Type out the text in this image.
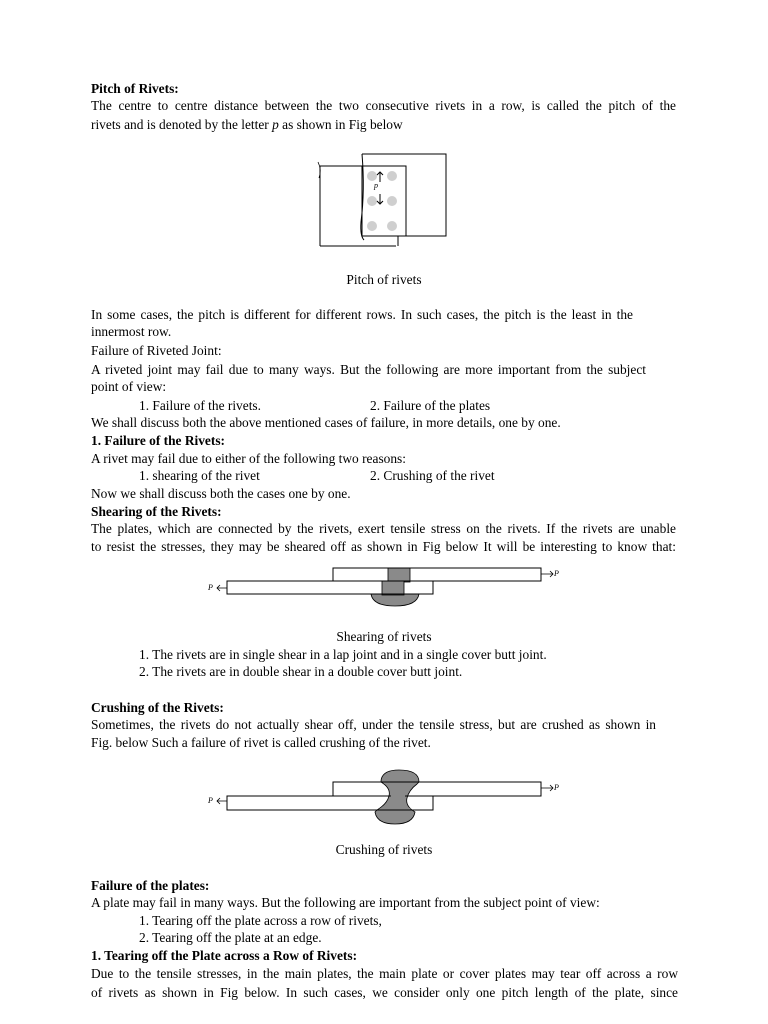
Pitch of Rivets:
The centre to centre distance between the two consecutive rivets in a row, is called the pitch of the
rivets and is denoted by the letter p as shown in Fig below
p
Pitch of rivets
In some cases, the pitch is different for different rows. In such cases, the pitch is the least in the
innermost row.
Failure of Riveted Joint:
A riveted joint may fail due to many ways. But the following are more important from the subject
point of view:
1. Failure of the rivets.	2. Failure of the plates
We shall discuss both the above mentioned cases of failure, in more details, one by one.
1. Failure of the Rivets:
A rivet may fail due to either of the following two reasons:
1. shearing of the rivet	2. Crushing of the rivet
Now we shall discuss both the cases one by one.
Shearing of the Rivets:
The plates, which are connected by the rivets, exert tensile stress on the rivets. If the rivets are unable
to resist the stresses, they may be sheared off as shown in Fig below It will be interesting to know that:
P
P
Shearing of rivets
1. The rivets are in single shear in a lap joint and in a single cover butt joint.
2. The rivets are in double shear in a double cover butt joint.
Crushing of the Rivets:
Sometimes, the rivets do not actually shear off, under the tensile stress, but are crushed as shown in
Fig. below Such a failure of rivet is called crushing of the rivet.
P
P
Crushing of rivets
Failure of the plates:
A plate may fail in many ways. But the following are important from the subject point of view:
1. Tearing off the plate across a row of rivets,
2. Tearing off the plate at an edge.
1. Tearing off the Plate across a Row of Rivets:
Due to the tensile stresses, in the main plates, the main plate or cover plates may tear off across a row
of rivets as shown in Fig below. In such cases, we consider only one pitch length of the plate, since
